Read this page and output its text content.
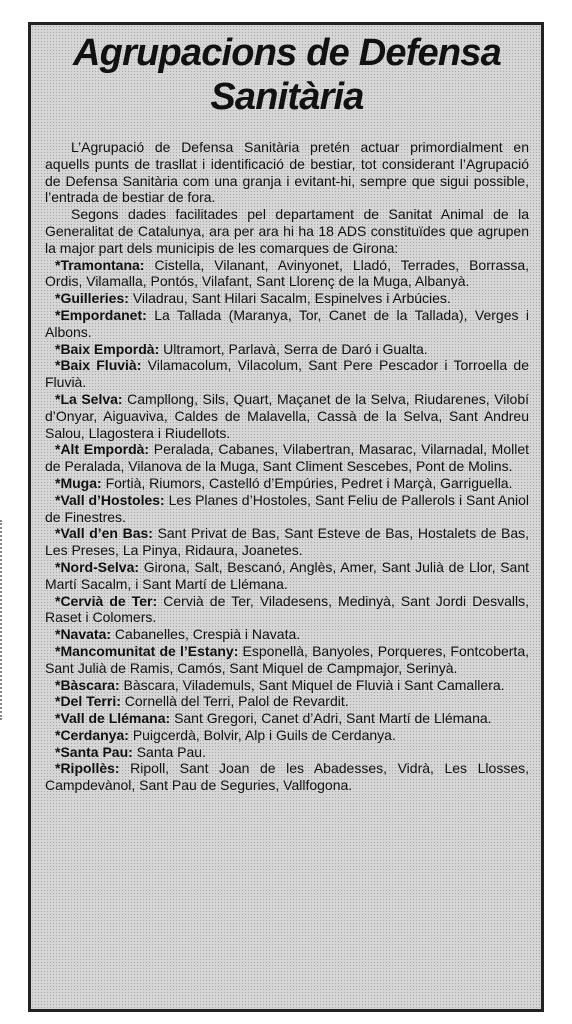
Agrupacions de Defensa
Sanitària

L’Agrupació de Defensa Sanitària pretén actuar primordialment en aquells punts de trasllat i identificació de bestiar, tot considerant l’Agrupació de Defensa Sanitària com una granja i evitant-hi, sempre que sigui possible, l’entrada de bestiar de fora.

Segons dades facilitades pel departament de Sanitat Animal de la Generalitat de Catalunya, ara per ara hi ha 18 ADS constituïdes que agrupen la major part dels municipis de les comarques de Girona:

*Tramontana: Cistella, Vilanant, Avinyonet, Lladó, Terrades, Borrassa, Ordis, Vilamalla, Pontós, Vilafant, Sant Llorenç de la Muga, Albanyà.

*Guilleries: Viladrau, Sant Hilari Sacalm, Espinelves i Arbúcies.

*Empordanet: La Tallada (Maranya, Tor, Canet de la Tallada), Verges i Albons.

*Baix Empordà: Ultramort, Parlavà, Serra de Daró i Gualta.

*Baix Fluvià: Vilamacolum, Vilacolum, Sant Pere Pescador i Torroella de Fluvià.

*La Selva: Campllong, Sils, Quart, Maçanet de la Selva, Riudarenes, Vilobí d’Onyar, Aiguaviva, Caldes de Malavella, Cassà de la Selva, Sant Andreu Salou, Llagostera i Riudellots.

*Alt Empordà: Peralada, Cabanes, Vilabertran, Masarac, Vilarnadal, Mollet de Peralada, Vilanova de la Muga, Sant Climent Sescebes, Pont de Molins.

*Muga: Fortià, Riumors, Castelló d’Empúries, Pedret i Marçà, Garriguella.

*Vall d’Hostoles: Les Planes d’Hostoles, Sant Feliu de Pallerols i Sant Aniol de Finestres.

*Vall d’en Bas: Sant Privat de Bas, Sant Esteve de Bas, Hostalets de Bas, Les Preses, La Pinya, Ridaura, Joanetes.

*Nord-Selva: Girona, Salt, Bescanó, Anglès, Amer, Sant Julià de Llor, Sant Martí Sacalm, i Sant Martí de Llémana.

*Cervià de Ter: Cervià de Ter, Viladesens, Medinyà, Sant Jordi Desvalls, Raset i Colomers.

*Navata: Cabanelles, Crespià i Navata.

*Mancomunitat de l’Estany: Esponellà, Banyoles, Porqueres, Fontcoberta, Sant Julià de Ramis, Camós, Sant Miquel de Campmajor, Serinyà.

*Bàscara: Bàscara, Vilademuls, Sant Miquel de Fluvià i Sant Camallera.

*Del Terri: Cornellà del Terri, Palol de Revardit.

*Vall de Llémana: Sant Gregori, Canet d’Adri, Sant Martí de Llémana.

*Cerdanya: Puigcerdà, Bolvir, Alp i Guils de Cerdanya.

*Santa Pau: Santa Pau.

*Ripollès: Ripoll, Sant Joan de les Abadesses, Vidrà, Les Llosses, Campdevànol, Sant Pau de Seguries, Vallfogona.
